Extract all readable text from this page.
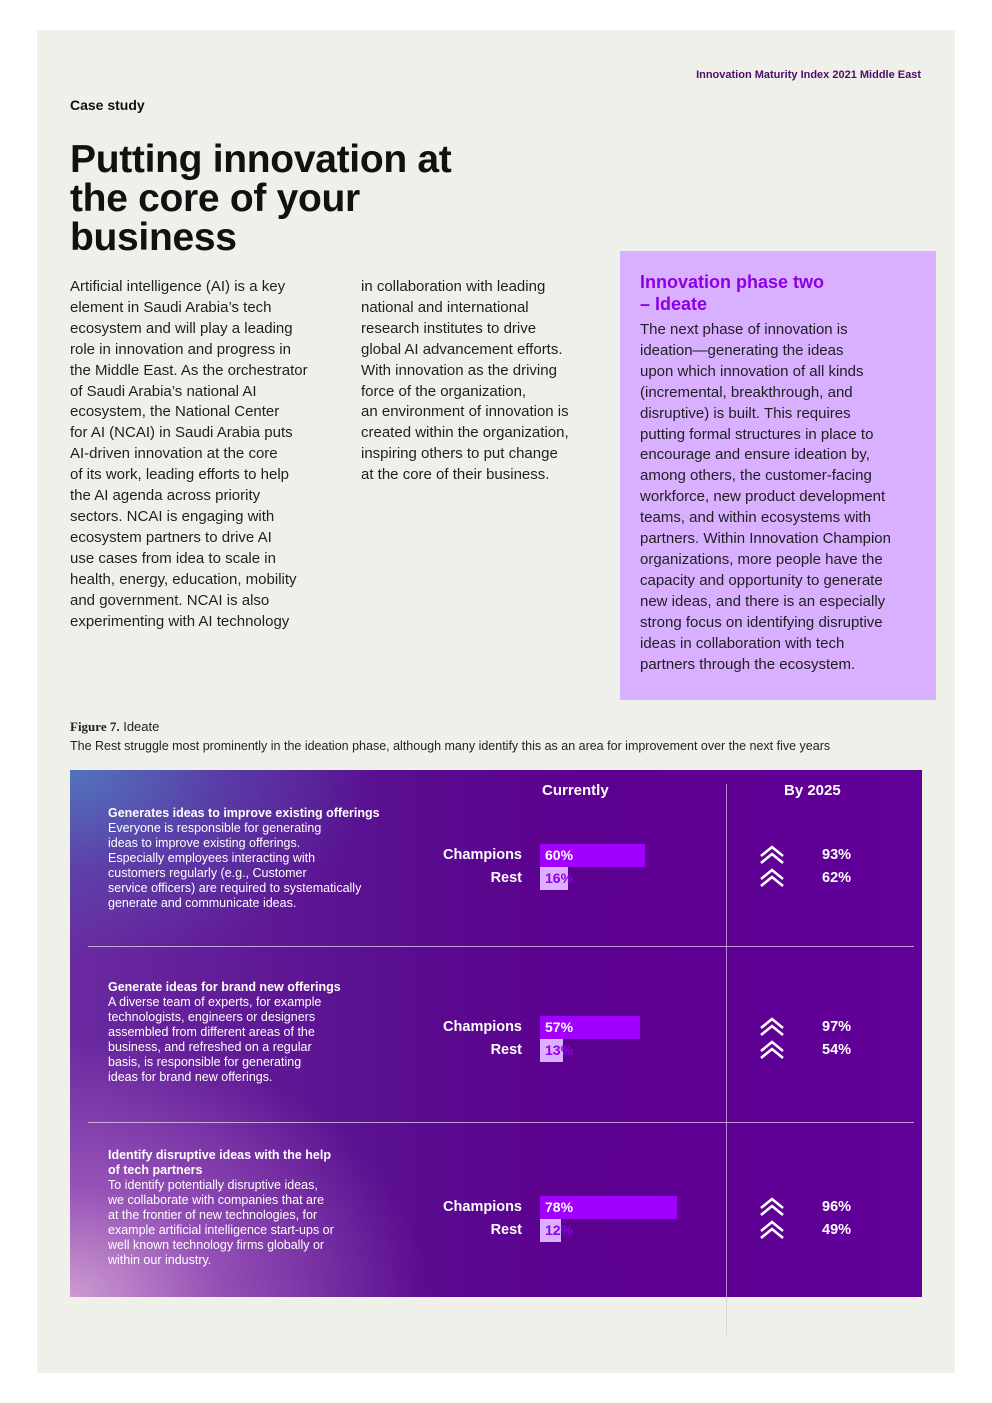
Innovation Maturity Index 2021 Middle East
Case study
Putting innovation at the core of your business
Artificial intelligence (AI) is a key
element in Saudi Arabia’s tech
ecosystem and will play a leading
role in innovation and progress in
the Middle East. As the orchestrator
of Saudi Arabia’s national AI
ecosystem, the National Center
for AI (NCAI) in Saudi Arabia puts
AI-driven innovation at the core
of its work, leading efforts to help
the AI agenda across priority
sectors. NCAI is engaging with
ecosystem partners to drive AI
use cases from idea to scale in
health, energy, education, mobility
and government. NCAI is also
experimenting with AI technology
in collaboration with leading
national and international
research institutes to drive
global AI advancement efforts.
With innovation as the driving
force of the organization,
an environment of innovation is
created within the organization,
inspiring others to put change
at the core of their business.
Innovation phase two
– Ideate
The next phase of innovation is
ideation—generating the ideas
upon which innovation of all kinds
(incremental, breakthrough, and
disruptive) is built. This requires
putting formal structures in place to
encourage and ensure ideation by,
among others, the customer-facing
workforce, new product development
teams, and within ecosystems with
partners. Within Innovation Champion
organizations, more people have the
capacity and opportunity to generate
new ideas, and there is an especially
strong focus on identifying disruptive
ideas in collaboration with tech
partners through the ecosystem.
Figure 7. Ideate
The Rest struggle most prominently in the ideation phase, although many identify this as an area for improvement over the next five years
Currently	By 2025
Generates ideas to improve existing offerings
Everyone is responsible for generating
ideas to improve existing offerings.
Especially employees interacting with
customers regularly (e.g., Customer
service officers) are required to systematically
generate and communicate ideas.
Champions 60%	93%
Rest 16%	62%
Generate ideas for brand new offerings
A diverse team of experts, for example
technologists, engineers or designers
assembled from different areas of the
business, and refreshed on a regular
basis, is responsible for generating
ideas for brand new offerings.
Champions 57%	97%
Rest 13%	54%
Identify disruptive ideas with the help
of tech partners
To identify potentially disruptive ideas,
we collaborate with companies that are
at the frontier of new technologies, for
example artificial intelligence start-ups or
well known technology firms globally or
within our industry.
Champions 78%	96%
Rest 12%	49%
